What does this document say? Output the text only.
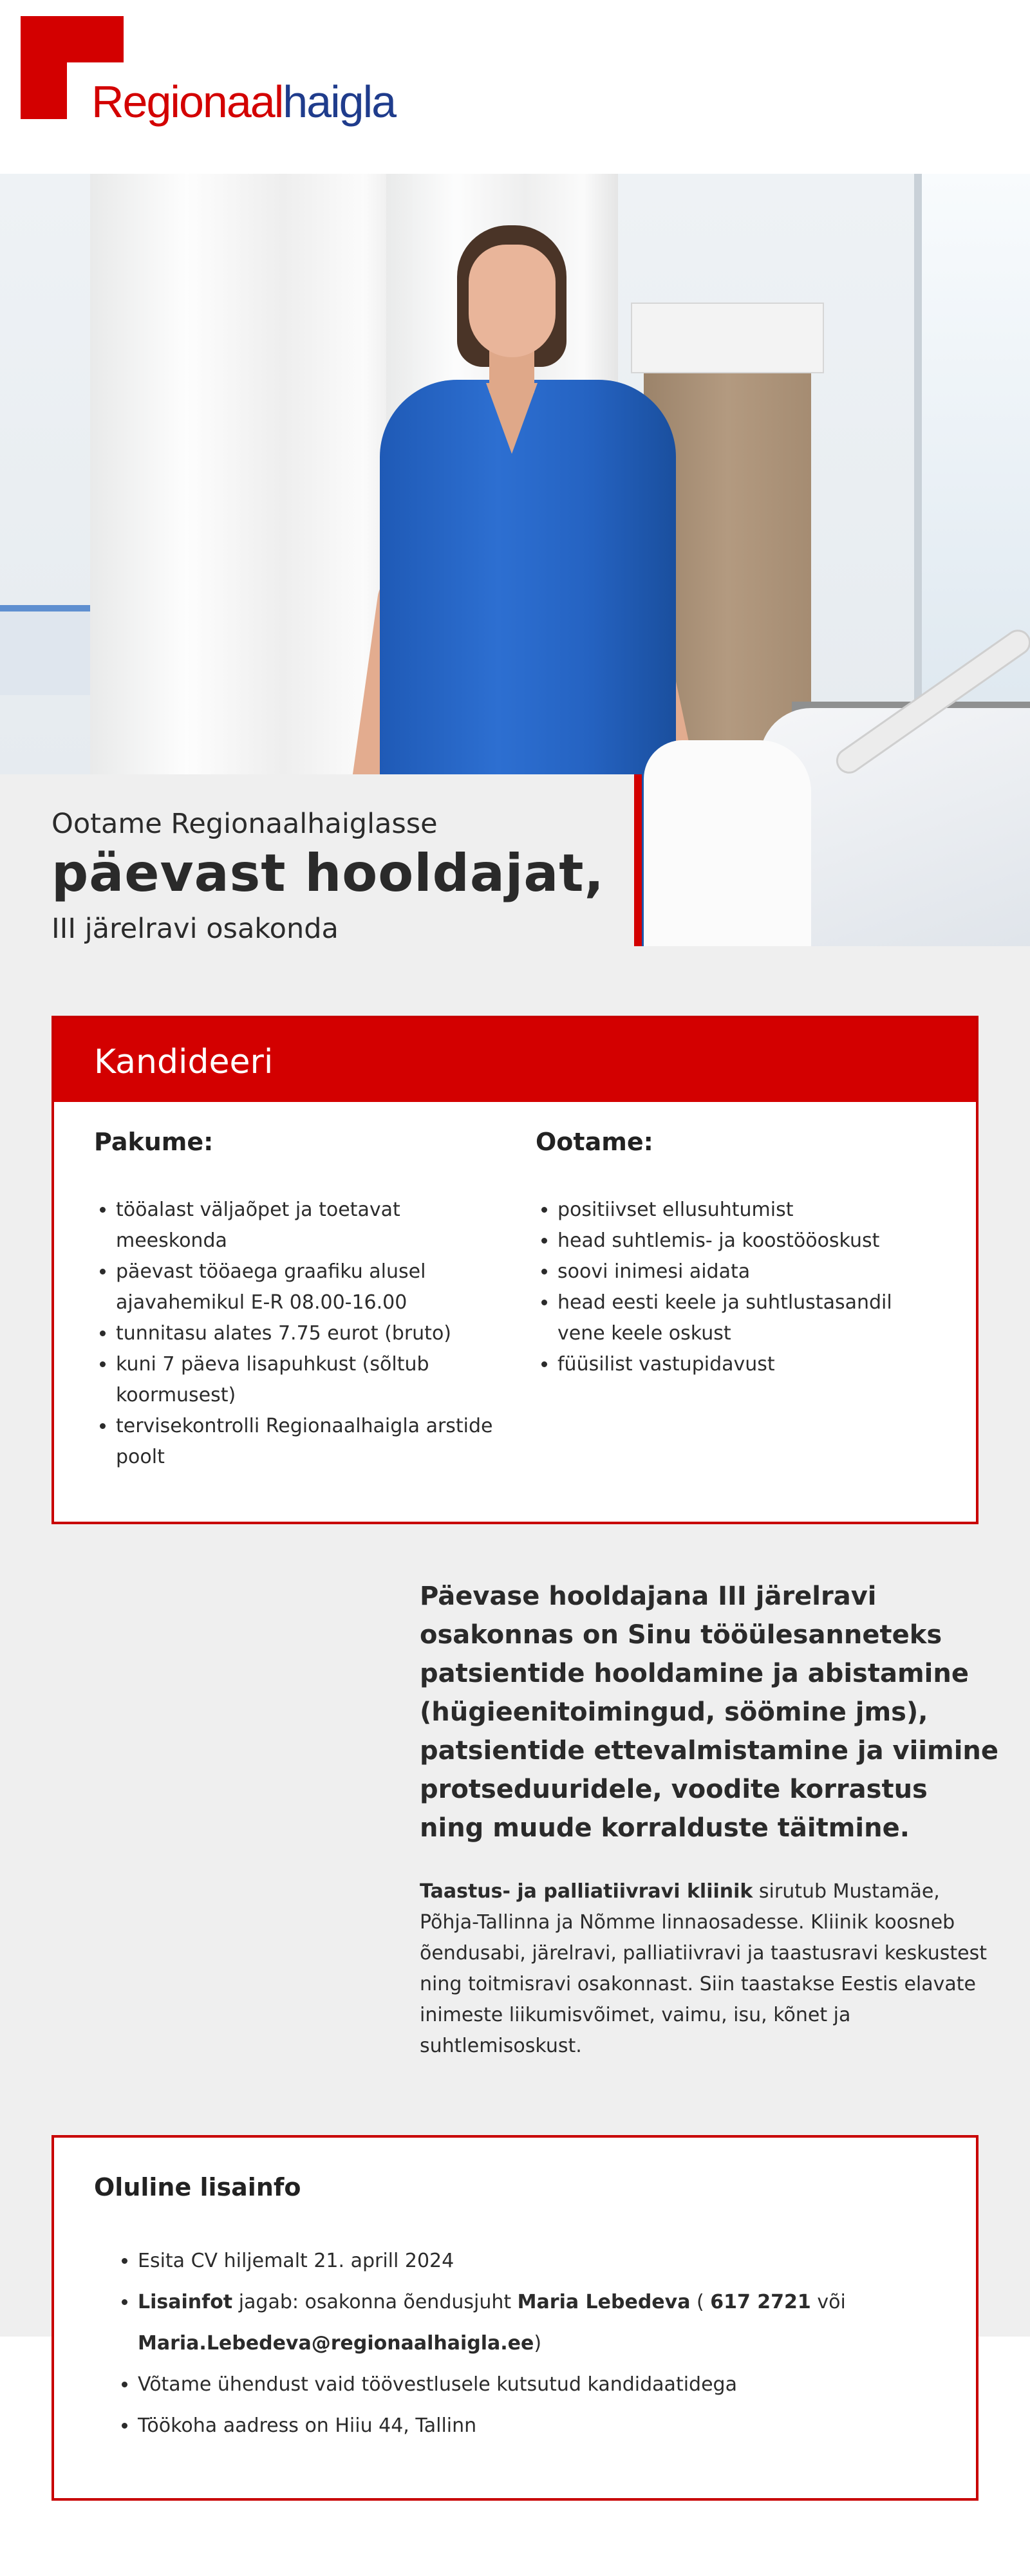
Regionaalhaigla
Ootame Regionaalhaiglasse
päevast hooldajat,
III järelravi osakonda
Kandideeri
Pakume:
• tööalast väljaõpet ja toetavat meeskonda
• päevast tööaega graafiku alusel ajavahemikul E-R 08.00-16.00
• tunnitasu alates 7.75 eurot (bruto)
• kuni 7 päeva lisapuhkust (sõltub koormusest)
• tervisekontrolli Regionaalhaigla arstide poolt
Ootame:
• positiivset ellusuhtumist
• head suhtlemis- ja koostööoskust
• soovi inimesi aidata
• head eesti keele ja suhtlustasandil vene keele oskust
• füüsilist vastupidavust
Päevase hooldajana III järelravi osakonnas on Sinu tööülesanneteks patsientide hooldamine ja abistamine (hügieenitoimingud, söömine jms), patsientide ettevalmistamine ja viimine protseduuridele, voodite korrastus ning muude korralduste täitmine.
Taastus- ja palliatiivravi kliinik sirutub Mustamäe, Põhja-Tallinna ja Nõmme linnaosadesse. Kliinik koosneb õendusabi, järelravi, palliatiivravi ja taastusravi keskustest ning toitmisravi osakonnast. Siin taastakse Eestis elavate inimeste liikumisvõimet, vaimu, isu, kõnet ja suhtlemisoskust.
Oluline lisainfo
• Esita CV hiljemalt 21. aprill 2024
• Lisainfot jagab: osakonna õendusjuht Maria Lebedeva ( 617 2721 või Maria.Lebedeva@regionaalhaigla.ee)
• Võtame ühendust vaid töövestlusele kutsutud kandidaatidega
• Töökoha aadress on Hiiu 44, Tallinn
